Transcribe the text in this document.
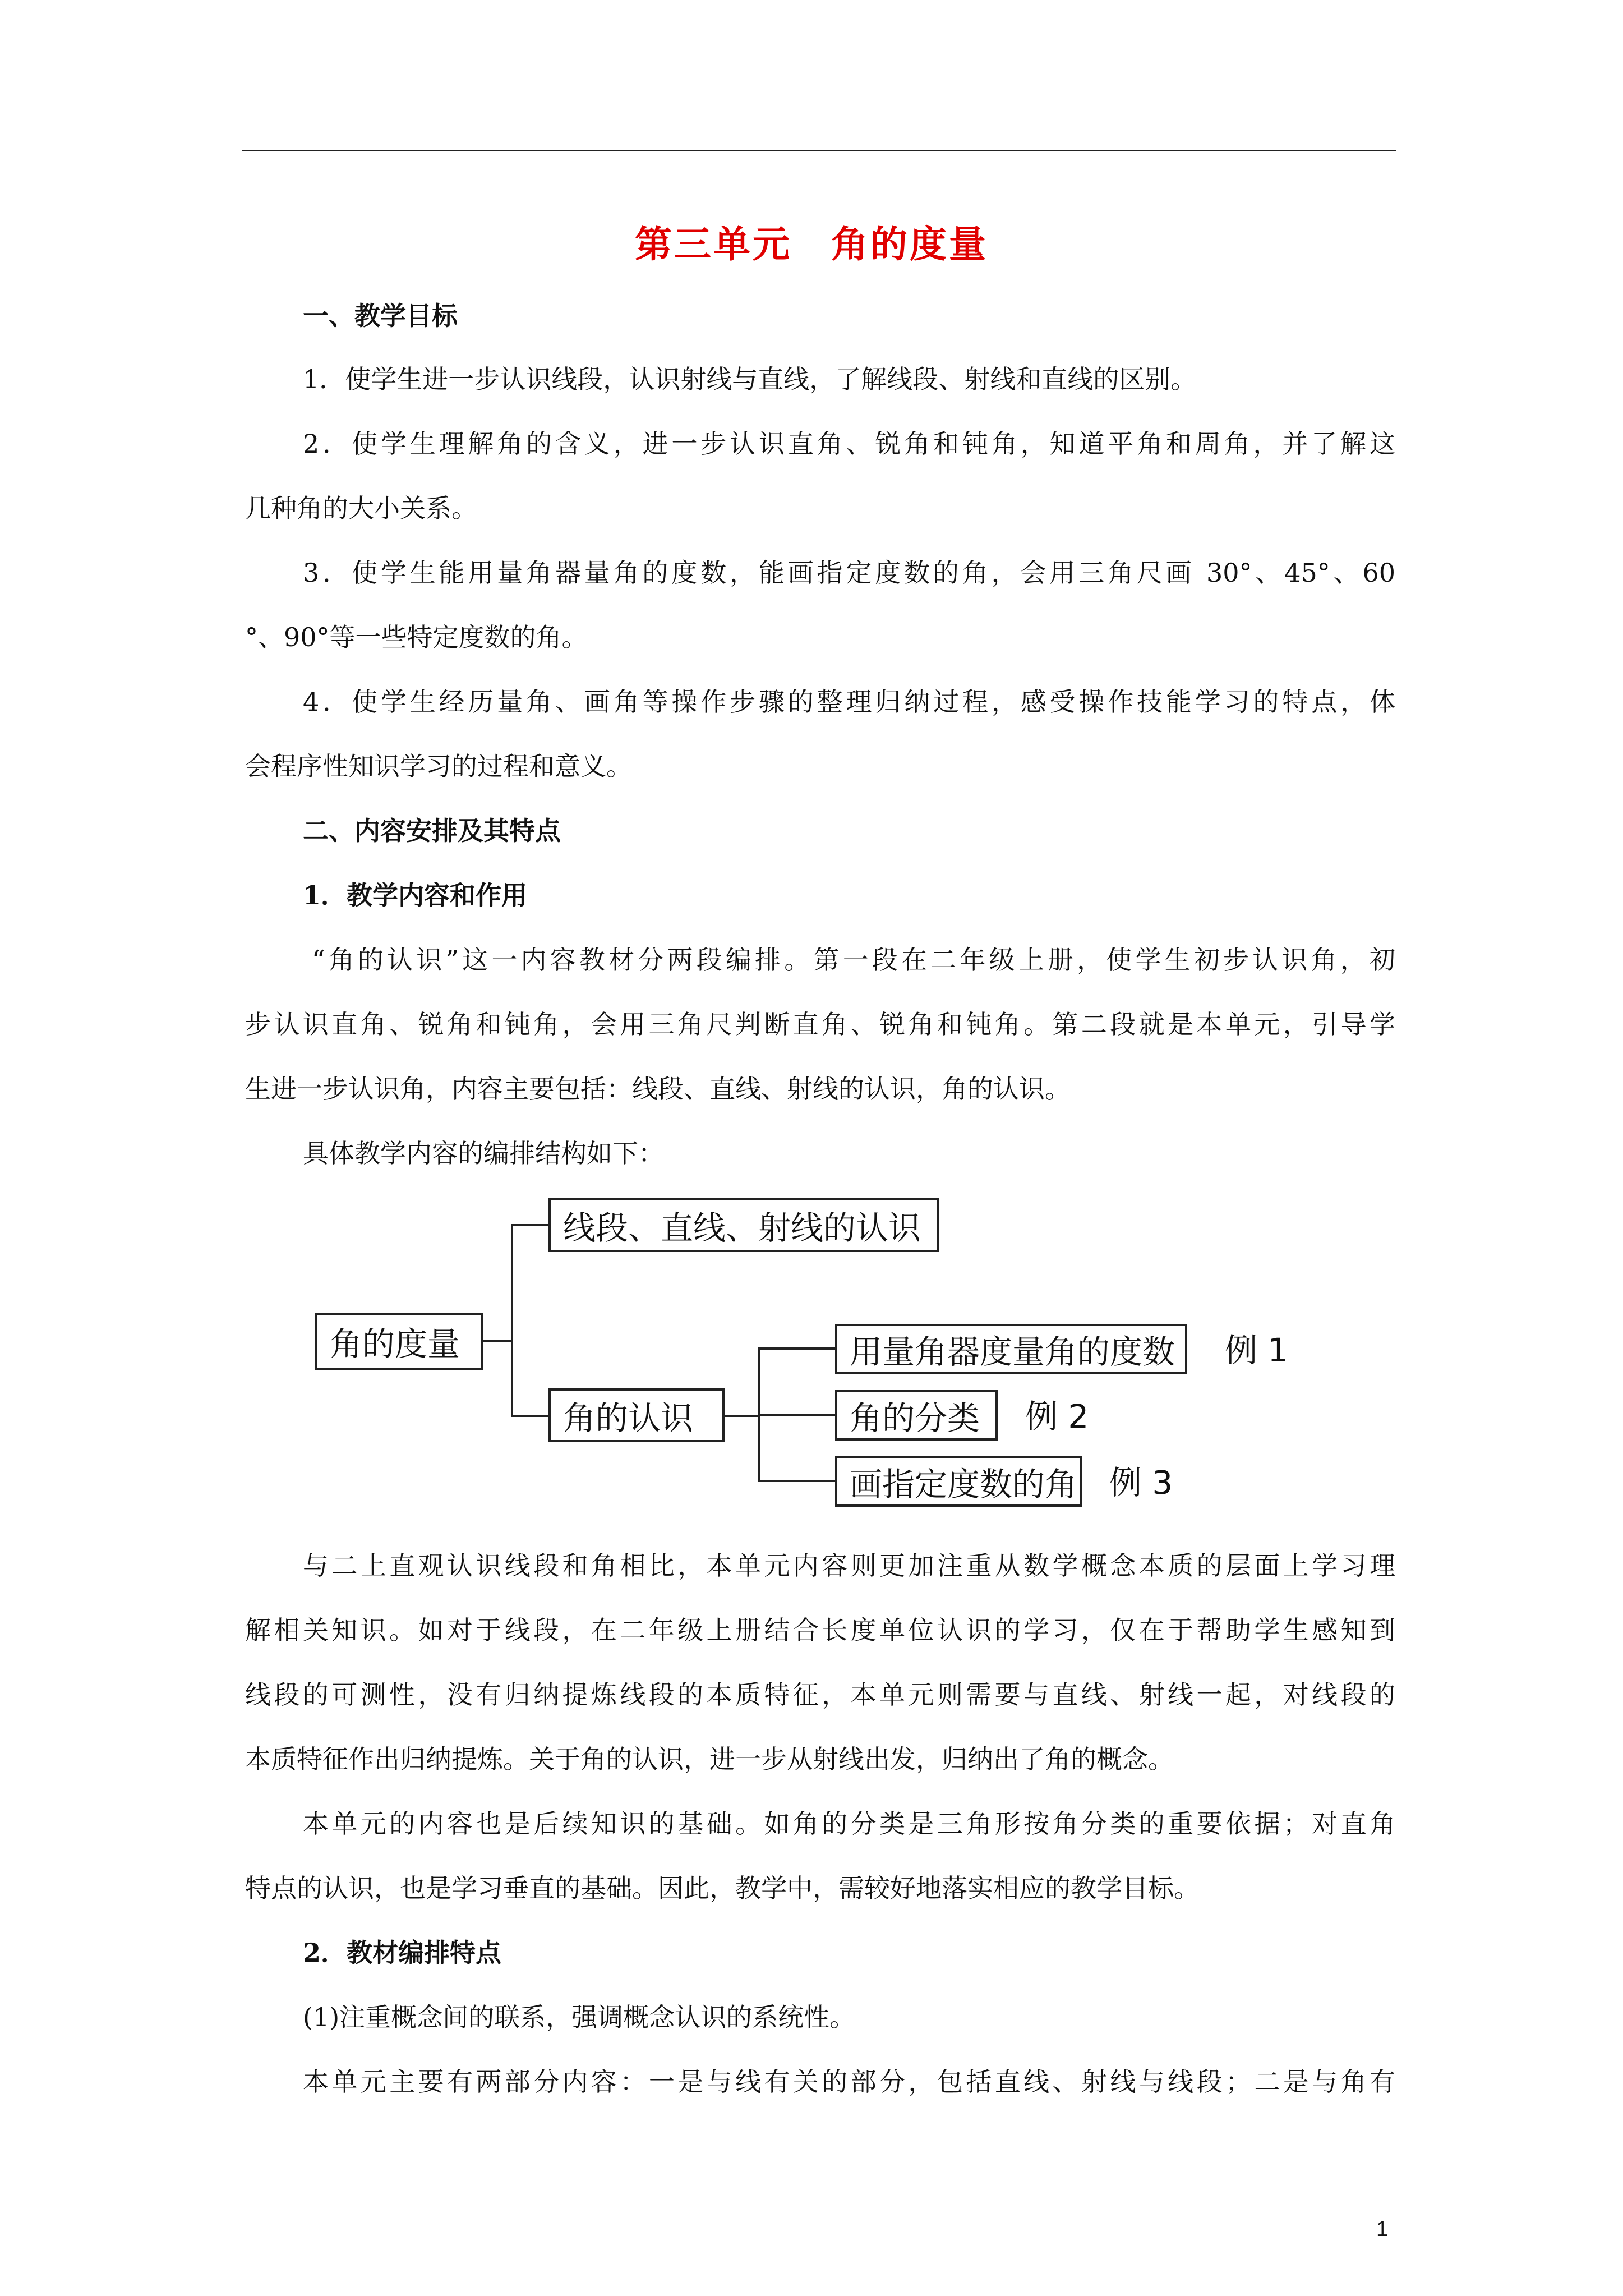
第三单元　角的度量
一、教学目标
1．使学生进一步认识线段，认识射线与直线，了解线段、射线和直线的区别。
2．使学生理解角的含义，进一步认识直角、锐角和钝角，知道平角和周角，并了解这
几种角的大小关系。
3．使学生能用量角器量角的度数，能画指定度数的角，会用三角尺画 30°、45°、60
°、90°等一些特定度数的角。
4．使学生经历量角、画角等操作步骤的整理归纳过程，感受操作技能学习的特点，体
会程序性知识学习的过程和意义。
二、内容安排及其特点
1．教学内容和作用
“角的认识”这一内容教材分两段编排。第一段在二年级上册，使学生初步认识角，初
步认识直角、锐角和钝角，会用三角尺判断直角、锐角和钝角。第二段就是本单元，引导学
生进一步认识角，内容主要包括：线段、直线、射线的认识，角的认识。
具体教学内容的编排结构如下：
角的度量
线段、直线、射线的认识
角的认识
用量角器度量角的度数
角的分类
画指定度数的角
例 1
例 2
例 3
与二上直观认识线段和角相比，本单元内容则更加注重从数学概念本质的层面上学习理
解相关知识。如对于线段，在二年级上册结合长度单位认识的学习，仅在于帮助学生感知到
线段的可测性，没有归纳提炼线段的本质特征，本单元则需要与直线、射线一起，对线段的
本质特征作出归纳提炼。关于角的认识，进一步从射线出发，归纳出了角的概念。
本单元的内容也是后续知识的基础。如角的分类是三角形按角分类的重要依据；对直角
特点的认识，也是学习垂直的基础。因此，教学中，需较好地落实相应的教学目标。
2．教材编排特点
(1)注重概念间的联系，强调概念认识的系统性。
本单元主要有两部分内容：一是与线有关的部分，包括直线、射线与线段；二是与角有
1
